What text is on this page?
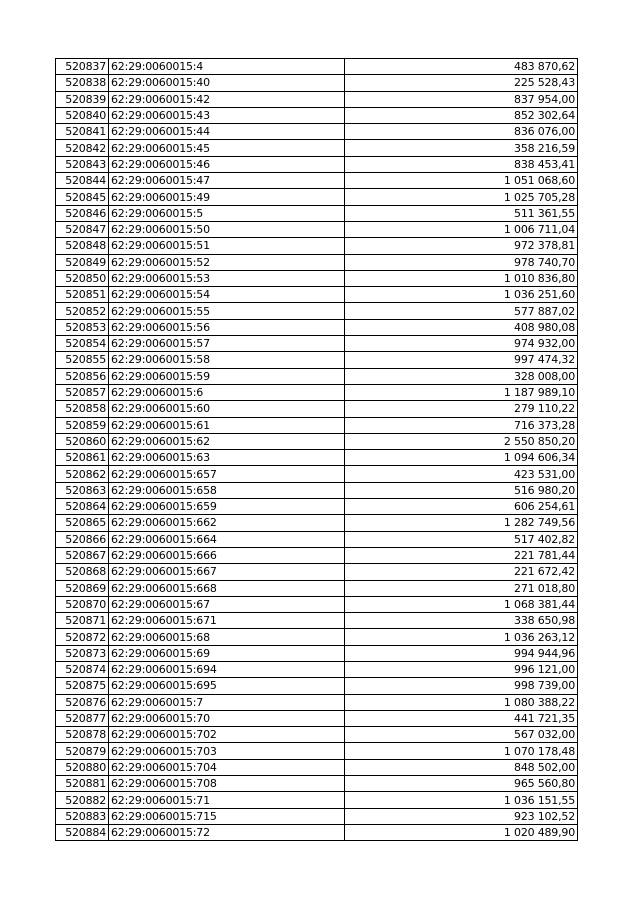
520837	62:29:0060015:4	483 870,62
520838	62:29:0060015:40	225 528,43
520839	62:29:0060015:42	837 954,00
520840	62:29:0060015:43	852 302,64
520841	62:29:0060015:44	836 076,00
520842	62:29:0060015:45	358 216,59
520843	62:29:0060015:46	838 453,41
520844	62:29:0060015:47	1 051 068,60
520845	62:29:0060015:49	1 025 705,28
520846	62:29:0060015:5	511 361,55
520847	62:29:0060015:50	1 006 711,04
520848	62:29:0060015:51	972 378,81
520849	62:29:0060015:52	978 740,70
520850	62:29:0060015:53	1 010 836,80
520851	62:29:0060015:54	1 036 251,60
520852	62:29:0060015:55	577 887,02
520853	62:29:0060015:56	408 980,08
520854	62:29:0060015:57	974 932,00
520855	62:29:0060015:58	997 474,32
520856	62:29:0060015:59	328 008,00
520857	62:29:0060015:6	1 187 989,10
520858	62:29:0060015:60	279 110,22
520859	62:29:0060015:61	716 373,28
520860	62:29:0060015:62	2 550 850,20
520861	62:29:0060015:63	1 094 606,34
520862	62:29:0060015:657	423 531,00
520863	62:29:0060015:658	516 980,20
520864	62:29:0060015:659	606 254,61
520865	62:29:0060015:662	1 282 749,56
520866	62:29:0060015:664	517 402,82
520867	62:29:0060015:666	221 781,44
520868	62:29:0060015:667	221 672,42
520869	62:29:0060015:668	271 018,80
520870	62:29:0060015:67	1 068 381,44
520871	62:29:0060015:671	338 650,98
520872	62:29:0060015:68	1 036 263,12
520873	62:29:0060015:69	994 944,96
520874	62:29:0060015:694	996 121,00
520875	62:29:0060015:695	998 739,00
520876	62:29:0060015:7	1 080 388,22
520877	62:29:0060015:70	441 721,35
520878	62:29:0060015:702	567 032,00
520879	62:29:0060015:703	1 070 178,48
520880	62:29:0060015:704	848 502,00
520881	62:29:0060015:708	965 560,80
520882	62:29:0060015:71	1 036 151,55
520883	62:29:0060015:715	923 102,52
520884	62:29:0060015:72	1 020 489,90
